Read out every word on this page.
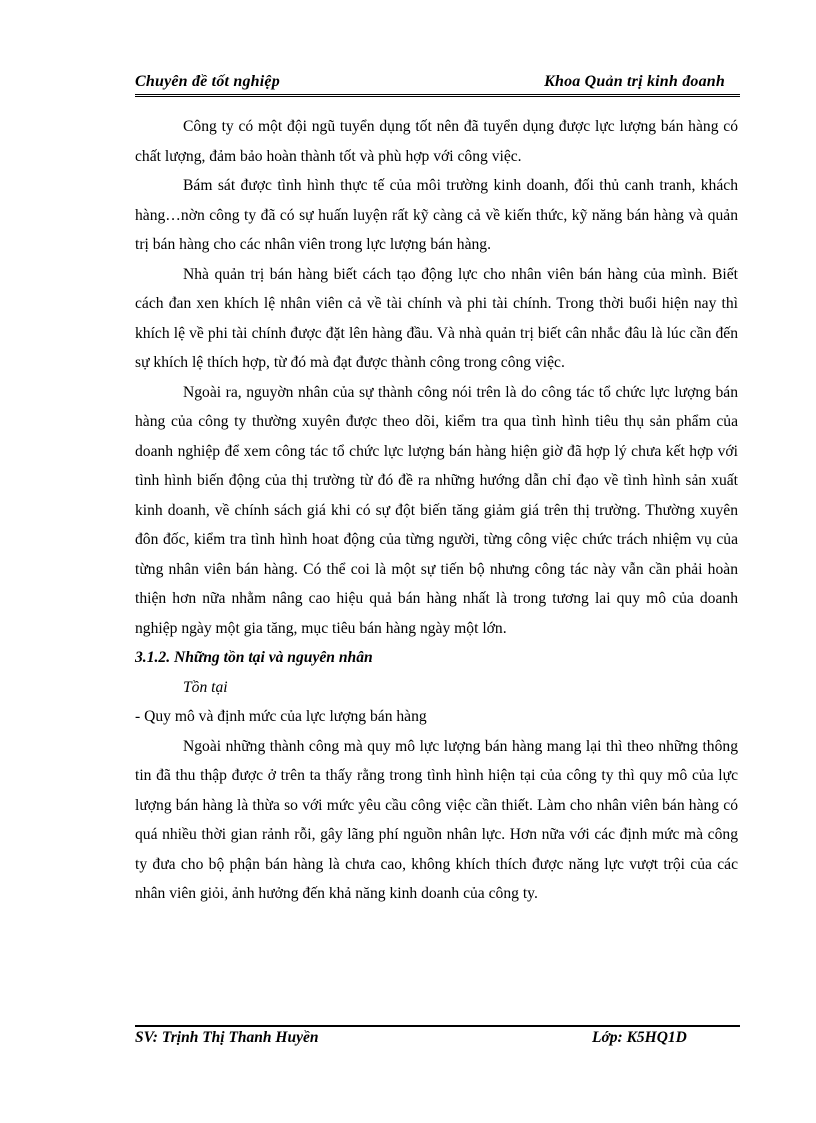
Chuyên đề tốt nghiệp	Khoa Quản trị kinh đoanh

Công ty có một đội ngũ tuyển dụng tốt nên đã tuyển dụng được lực lượng bán hàng có chất lượng, đảm bảo hoàn thành tốt và phù hợp với công việc.

Bám sát được tình hình thực tế của môi trường kinh doanh, đối thủ canh tranh, khách hàng…nờn công ty đã có sự huấn luyện rất kỹ càng cả về kiến thức, kỹ năng bán hàng và quản trị bán hàng cho các nhân viên trong lực lượng bán hàng.

Nhà quản trị bán hàng biết cách tạo động lực cho nhân viên bán hàng của mình. Biết cách đan xen khích lệ nhân viên cả về tài chính và phi tài chính. Trong thời buổi hiện nay thì khích lệ về phi tài chính được đặt lên hàng đầu. Và nhà quản trị biết cân nhắc đâu là lúc cần đến sự khích lệ thích hợp, từ đó mà đạt được thành công trong công việc.

Ngoài ra, nguyờn nhân của sự thành công nói trên là do công tác tổ chức lực lượng bán hàng của công ty thường xuyên được theo dõi, kiểm tra qua tình hình tiêu thụ sản phẩm của doanh nghiệp để xem công tác tổ chức lực lượng bán hàng hiện giờ đã hợp lý chưa kết hợp với tình hình biến động của thị trường từ đó đề ra những hướng dẫn chỉ đạo về tình hình sản xuất kinh doanh, về chính sách giá khi có sự đột biến tăng giảm giá trên thị trường. Thường xuyên đôn đốc, kiểm tra tình hình hoat động của từng người, từng công việc chức trách nhiệm vụ của từng nhân viên bán hàng. Có thể coi là một sự tiến bộ nhưng công tác này vẫn cần phải hoàn thiện hơn nữa nhằm nâng cao hiệu quả bán hàng nhất là trong tương lai quy mô của doanh nghiệp ngày một gia tăng, mục tiêu bán hàng ngày một lớn.

3.1.2. Những tồn tại và nguyên nhân

Tồn tại

- Quy mô và định mức của lực lượng bán hàng

Ngoài những thành công mà quy mô lực lượng bán hàng mang lại thì theo những thông tin đã thu thập được ở trên ta thấy rằng trong tình hình hiện tại của công ty thì quy mô của lực lượng bán hàng là thừa so với mức yêu cầu công việc cần thiết. Làm cho nhân viên bán hàng có quá nhiều thời gian rảnh rỗi, gây lãng phí nguồn nhân lực. Hơn nữa với các định mức mà công ty đưa cho bộ phận bán hàng là chưa cao, không khích thích được năng lực vượt trội của các nhân viên giỏi, ảnh hưởng đến khả năng kinh doanh của công ty.

SV: Trịnh Thị Thanh Huyền	Lớp: K5HQ1D
